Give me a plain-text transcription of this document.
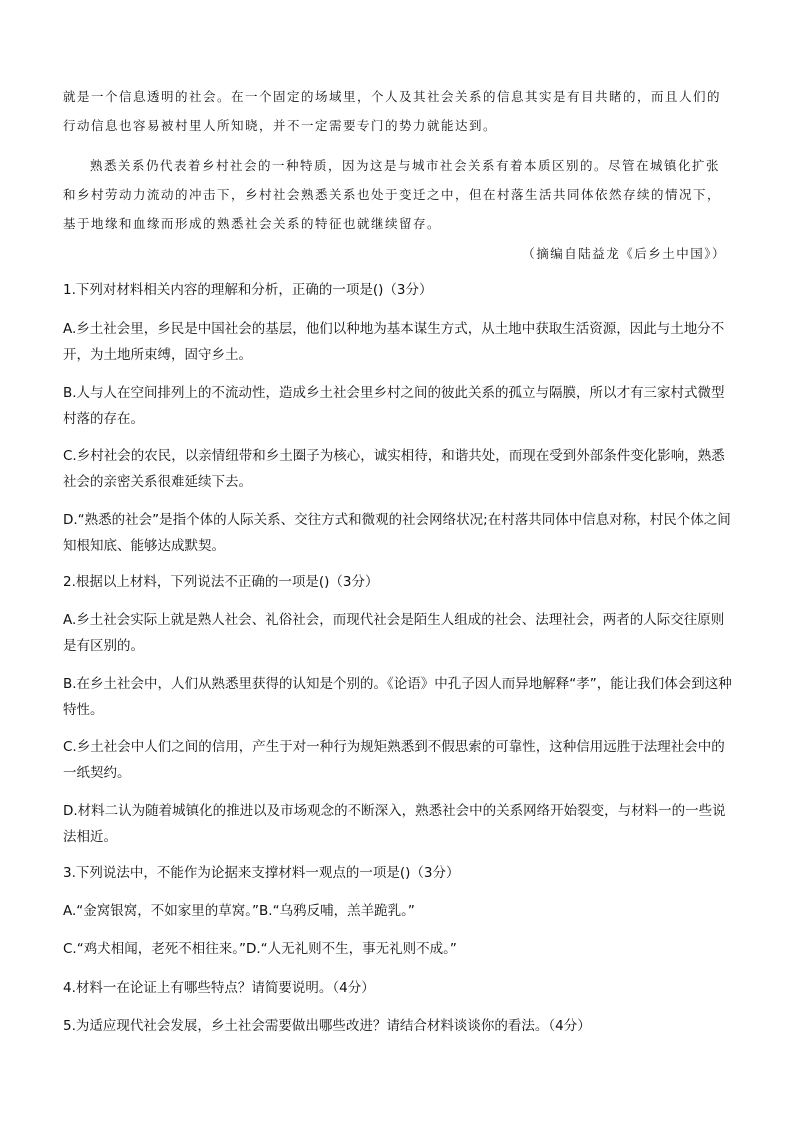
就是一个信息透明的社会。在一个固定的场域里，个人及其社会关系的信息其实是有目共睹的，而且人们的行动信息也容易被村里人所知晓，并不一定需要专门的势力就能达到。
熟悉关系仍代表着乡村社会的一种特质，因为这是与城市社会关系有着本质区别的。尽管在城镇化扩张和乡村劳动力流动的冲击下，乡村社会熟悉关系也处于变迁之中，但在村落生活共同体依然存续的情况下，基于地缘和血缘而形成的熟悉社会关系的特征也就继续留存。
（摘编自陆益龙《后乡土中国》）
1.下列对材料相关内容的理解和分析，正确的一项是()（3分）
A.乡土社会里，乡民是中国社会的基层，他们以种地为基本谋生方式，从土地中获取生活资源，因此与土地分不开，为土地所束缚，固守乡土。
B.人与人在空间排列上的不流动性，造成乡土社会里乡村之间的彼此关系的孤立与隔膜，所以才有三家村式微型村落的存在。
C.乡村社会的农民，以亲情纽带和乡土圈子为核心，诚实相待，和谐共处，而现在受到外部条件变化影响，熟悉社会的亲密关系很难延续下去。
D.“熟悉的社会”是指个体的人际关系、交往方式和微观的社会网络状况;在村落共同体中信息对称，村民个体之间知根知底、能够达成默契。
2.根据以上材料，下列说法不正确的一项是()（3分）
A.乡土社会实际上就是熟人社会、礼俗社会，而现代社会是陌生人组成的社会、法理社会，两者的人际交往原则是有区别的。
B.在乡土社会中，人们从熟悉里获得的认知是个别的。《论语》中孔子因人而异地解释“孝”，能让我们体会到这种特性。
C.乡土社会中人们之间的信用，产生于对一种行为规矩熟悉到不假思索的可靠性，这种信用远胜于法理社会中的一纸契约。
D.材料二认为随着城镇化的推进以及市场观念的不断深入，熟悉社会中的关系网络开始裂变，与材料一的一些说法相近。
3.下列说法中，不能作为论据来支撑材料一观点的一项是()（3分）
A.“金窝银窝，不如家里的草窝。”B.“乌鸦反哺，羔羊跪乳。”
C.“鸡犬相闻，老死不相往来。”D.“人无礼则不生，事无礼则不成。”
4.材料一在论证上有哪些特点？请简要说明。（4分）
5.为适应现代社会发展，乡土社会需要做出哪些改进？请结合材料谈谈你的看法。（4分）
